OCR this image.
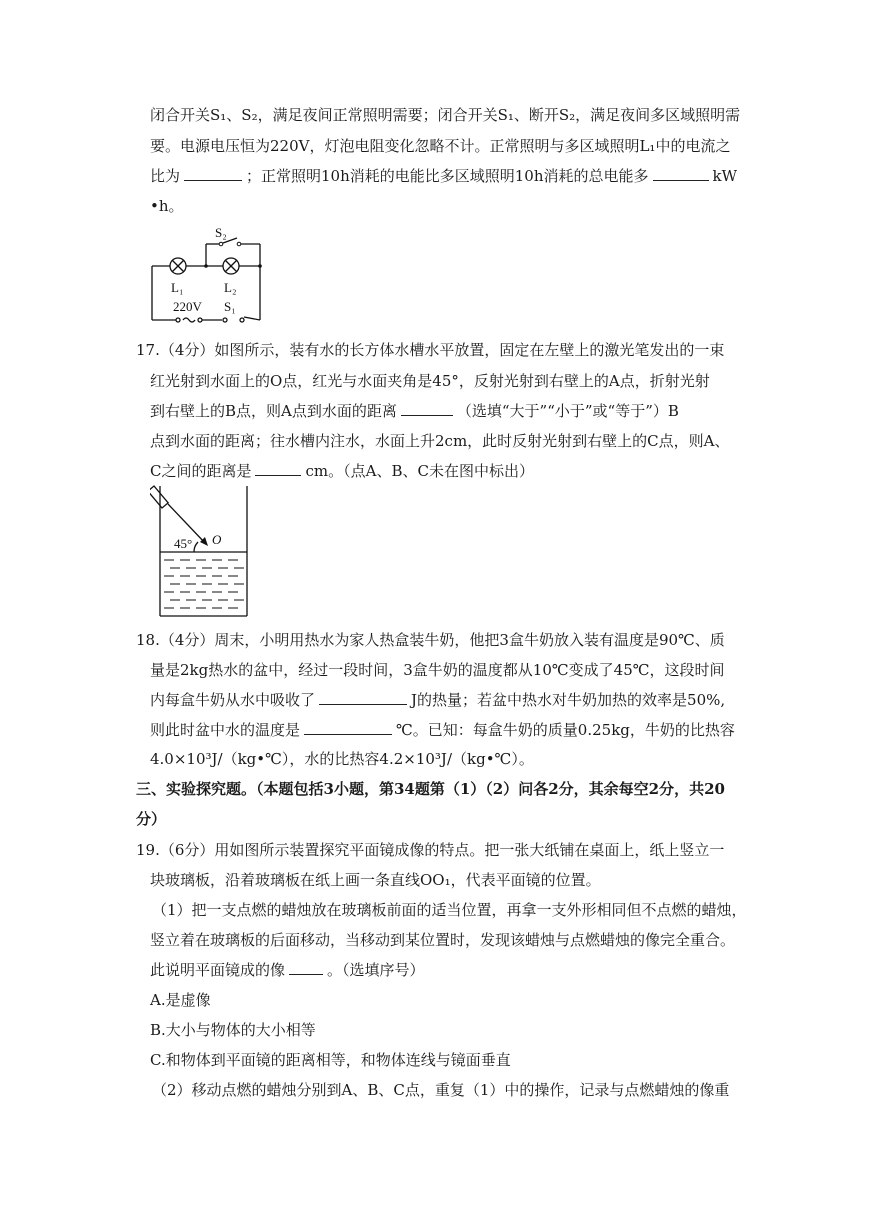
闭合开关S₁、S₂，满足夜间正常照明需要；闭合开关S₁、断开S₂，满足夜间多区域照明需
要。电源电压恒为220V，灯泡电阻变化忽略不计。正常照明与多区域照明L₁中的电流之
比为	；正常照明10h消耗的电能比多区域照明10h消耗的总电能多	kW
•h。
S₂
L₁	L₂
220V S₁
17.（4分）如图所示，装有水的长方体水槽水平放置，固定在左壁上的激光笔发出的一束
红光射到水面上的O点，红光与水面夹角是45°，反射光射到右壁上的A点，折射光射
到右壁上的B点，则A点到水面的距离	（选填“大于”“小于”或“等于”）B
点到水面的距离；往水槽内注水，水面上升2cm，此时反射光射到右壁上的C点，则A、
C之间的距离是	cm。（点A、B、C未在图中标出）
45° O
18.（4分）周末，小明用热水为家人热盒装牛奶，他把3盒牛奶放入装有温度是90℃、质
量是2kg热水的盆中，经过一段时间，3盒牛奶的温度都从10℃变成了45℃，这段时间
内每盒牛奶从水中吸收了	J的热量；若盆中热水对牛奶加热的效率是50%,
则此时盆中水的温度是	℃。已知：每盒牛奶的质量0.25kg，牛奶的比热容
4.0×10³J/（kg•℃），水的比热容4.2×10³J/（kg•℃）。
三、实验探究题。（本题包括3小题，第34题第（1）（2）问各2分，其余每空2分，共20
分）
19.（6分）用如图所示装置探究平面镜成像的特点。把一张大纸铺在桌面上，纸上竖立一
块玻璃板，沿着玻璃板在纸上画一条直线OO₁，代表平面镜的位置。
（1）把一支点燃的蜡烛放在玻璃板前面的适当位置，再拿一支外形相同但不点燃的蜡烛，
竖立着在玻璃板的后面移动，当移动到某位置时，发现该蜡烛与点燃蜡烛的像完全重合。
此说明平面镜成的像	。（选填序号）
A.是虚像
B.大小与物体的大小相等
C.和物体到平面镜的距离相等，和物体连线与镜面垂直
（2）移动点燃的蜡烛分别到A、B、C点，重复（1）中的操作，记录与点燃蜡烛的像重
